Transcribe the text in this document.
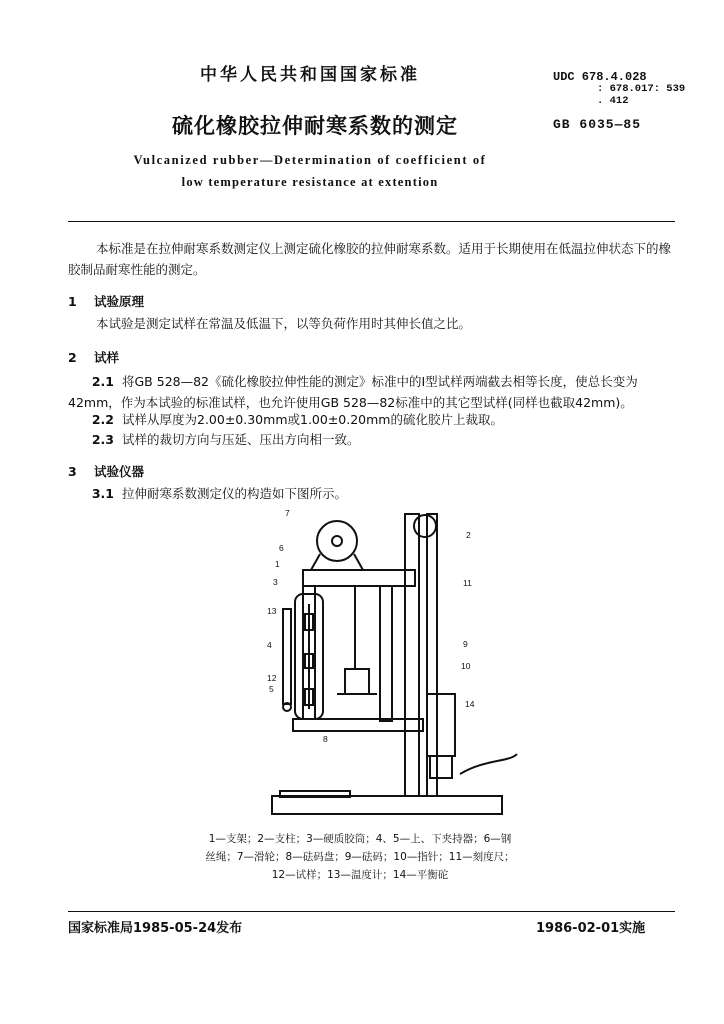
中华人民共和国国家标准	UDC 678.4.028
: 678.017: 539
. 412
硫化橡胶拉伸耐寒系数的测定	GB 6035—85
Vulcanized rubber—Determination of coefficient of
low temperature resistance at extention
本标准是在拉伸耐寒系数测定仪上测定硫化橡胶的拉伸耐寒系数。适用于长期使用在低温拉伸状态下的橡胶制品耐寒性能的测定。
1 试验原理
本试验是测定试样在常温及低温下，以等负荷作用时其伸长值之比。
2 试样
2.1 将GB 528—82《硫化橡胶拉伸性能的测定》标准中的Ⅰ型试样两端截去相等长度，使总长变为42mm，作为本试验的标准试样，也允许使用GB 528—82标准中的其它型试样(同样也截取42mm)。
2.2 试样从厚度为2.00±0.30mm或1.00±0.20mm的硫化胶片上裁取。
2.3 试样的裁切方向与压延、压出方向相一致。
3 试验仪器
3.1 拉伸耐寒系数测定仪的构造如下图所示。
7
6
1
3
13
4
12
5
8
2
11
9
10
14
1—支架；2—支柱；3—硬质胶筒；4、5—上、下夹持器；6—钢
丝绳；7—滑轮；8—砝码盘；9—砝码；10—指针；11—刻度尺；
12—试样；13—温度计；14—平衡砣
国家标准局1985-05-24发布	1986-02-01实施
